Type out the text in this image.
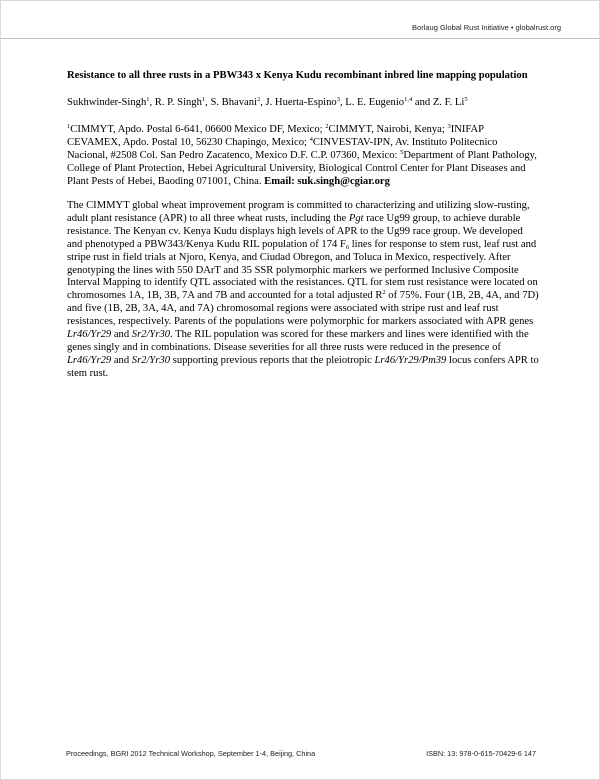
Borlaug Global Rust Initiative • globalrust.org

Resistance to all three rusts in a PBW343 x Kenya Kudu recombinant inbred line mapping population

Sukhwinder-Singh$^1$, R. P. Singh$^1$, S. Bhavani$^2$, J. Huerta-Espino$^3$, L. E. Eugenio$^{1,4}$ and Z. F. Li$^5$

$^1$CIMMYT, Apdo. Postal 6-641, 06600 Mexico DF, Mexico; $^2$CIMMYT, Nairobi, Kenya; $^3$INIFAP CEVAMEX, Apdo. Postal 10, 56230 Chapingo, Mexico; $^4$CINVESTAV-IPN, Av. Instituto Politecnico Nacional, #2508 Col. San Pedro Zacatenco, Mexico D.F. C.P. 07360, Mexico: $^5$Department of Plant Pathology, College of Plant Protection, Hebei Agricultural University, Biological Control Center for Plant Diseases and Plant Pests of Hebei, Baoding 071001, China. Email: suk.singh@cgiar.org

The CIMMYT global wheat improvement program is committed to characterizing and utilizing slow-rusting, adult plant resistance (APR) to all three wheat rusts, including the Pgt race Ug99 group, to achieve durable resistance. The Kenyan cv. Kenya Kudu displays high levels of APR to the Ug99 race group. We developed and phenotyped a PBW343/Kenya Kudu RIL population of 174 $F_6$ lines for response to stem rust, leaf rust and stripe rust in field trials at Njoro, Kenya, and Ciudad Obregon, and Toluca in Mexico, respectively. After genotyping the lines with 550 DArT and 35 SSR polymorphic markers we performed Inclusive Composite Interval Mapping to identify QTL associated with the resistances. QTL for stem rust resistance were located on chromosomes 1A, 1B, 3B, 7A and 7B and accounted for a total adjusted $R^2$ of 75%. Four (1B, 2B, 4A, and 7D) and five (1B, 2B, 3A, 4A, and 7A) chromosomal regions were associated with stripe rust and leaf rust resistances, respectively. Parents of the populations were polymorphic for markers associated with APR genes Lr46/Yr29 and Sr2/Yr30. The RIL population was scored for these markers and lines were identified with the genes singly and in combinations. Disease severities for all three rusts were reduced in the presence of Lr46/Yr29 and Sr2/Yr30 supporting previous reports that the pleiotropic Lr46/Yr29/Pm39 locus confers APR to stem rust.

Proceedings, BGRI 2012 Technical Workshop, September 1-4, Beijing, China	ISBN: 13: 978-0-615-70429-6 147
